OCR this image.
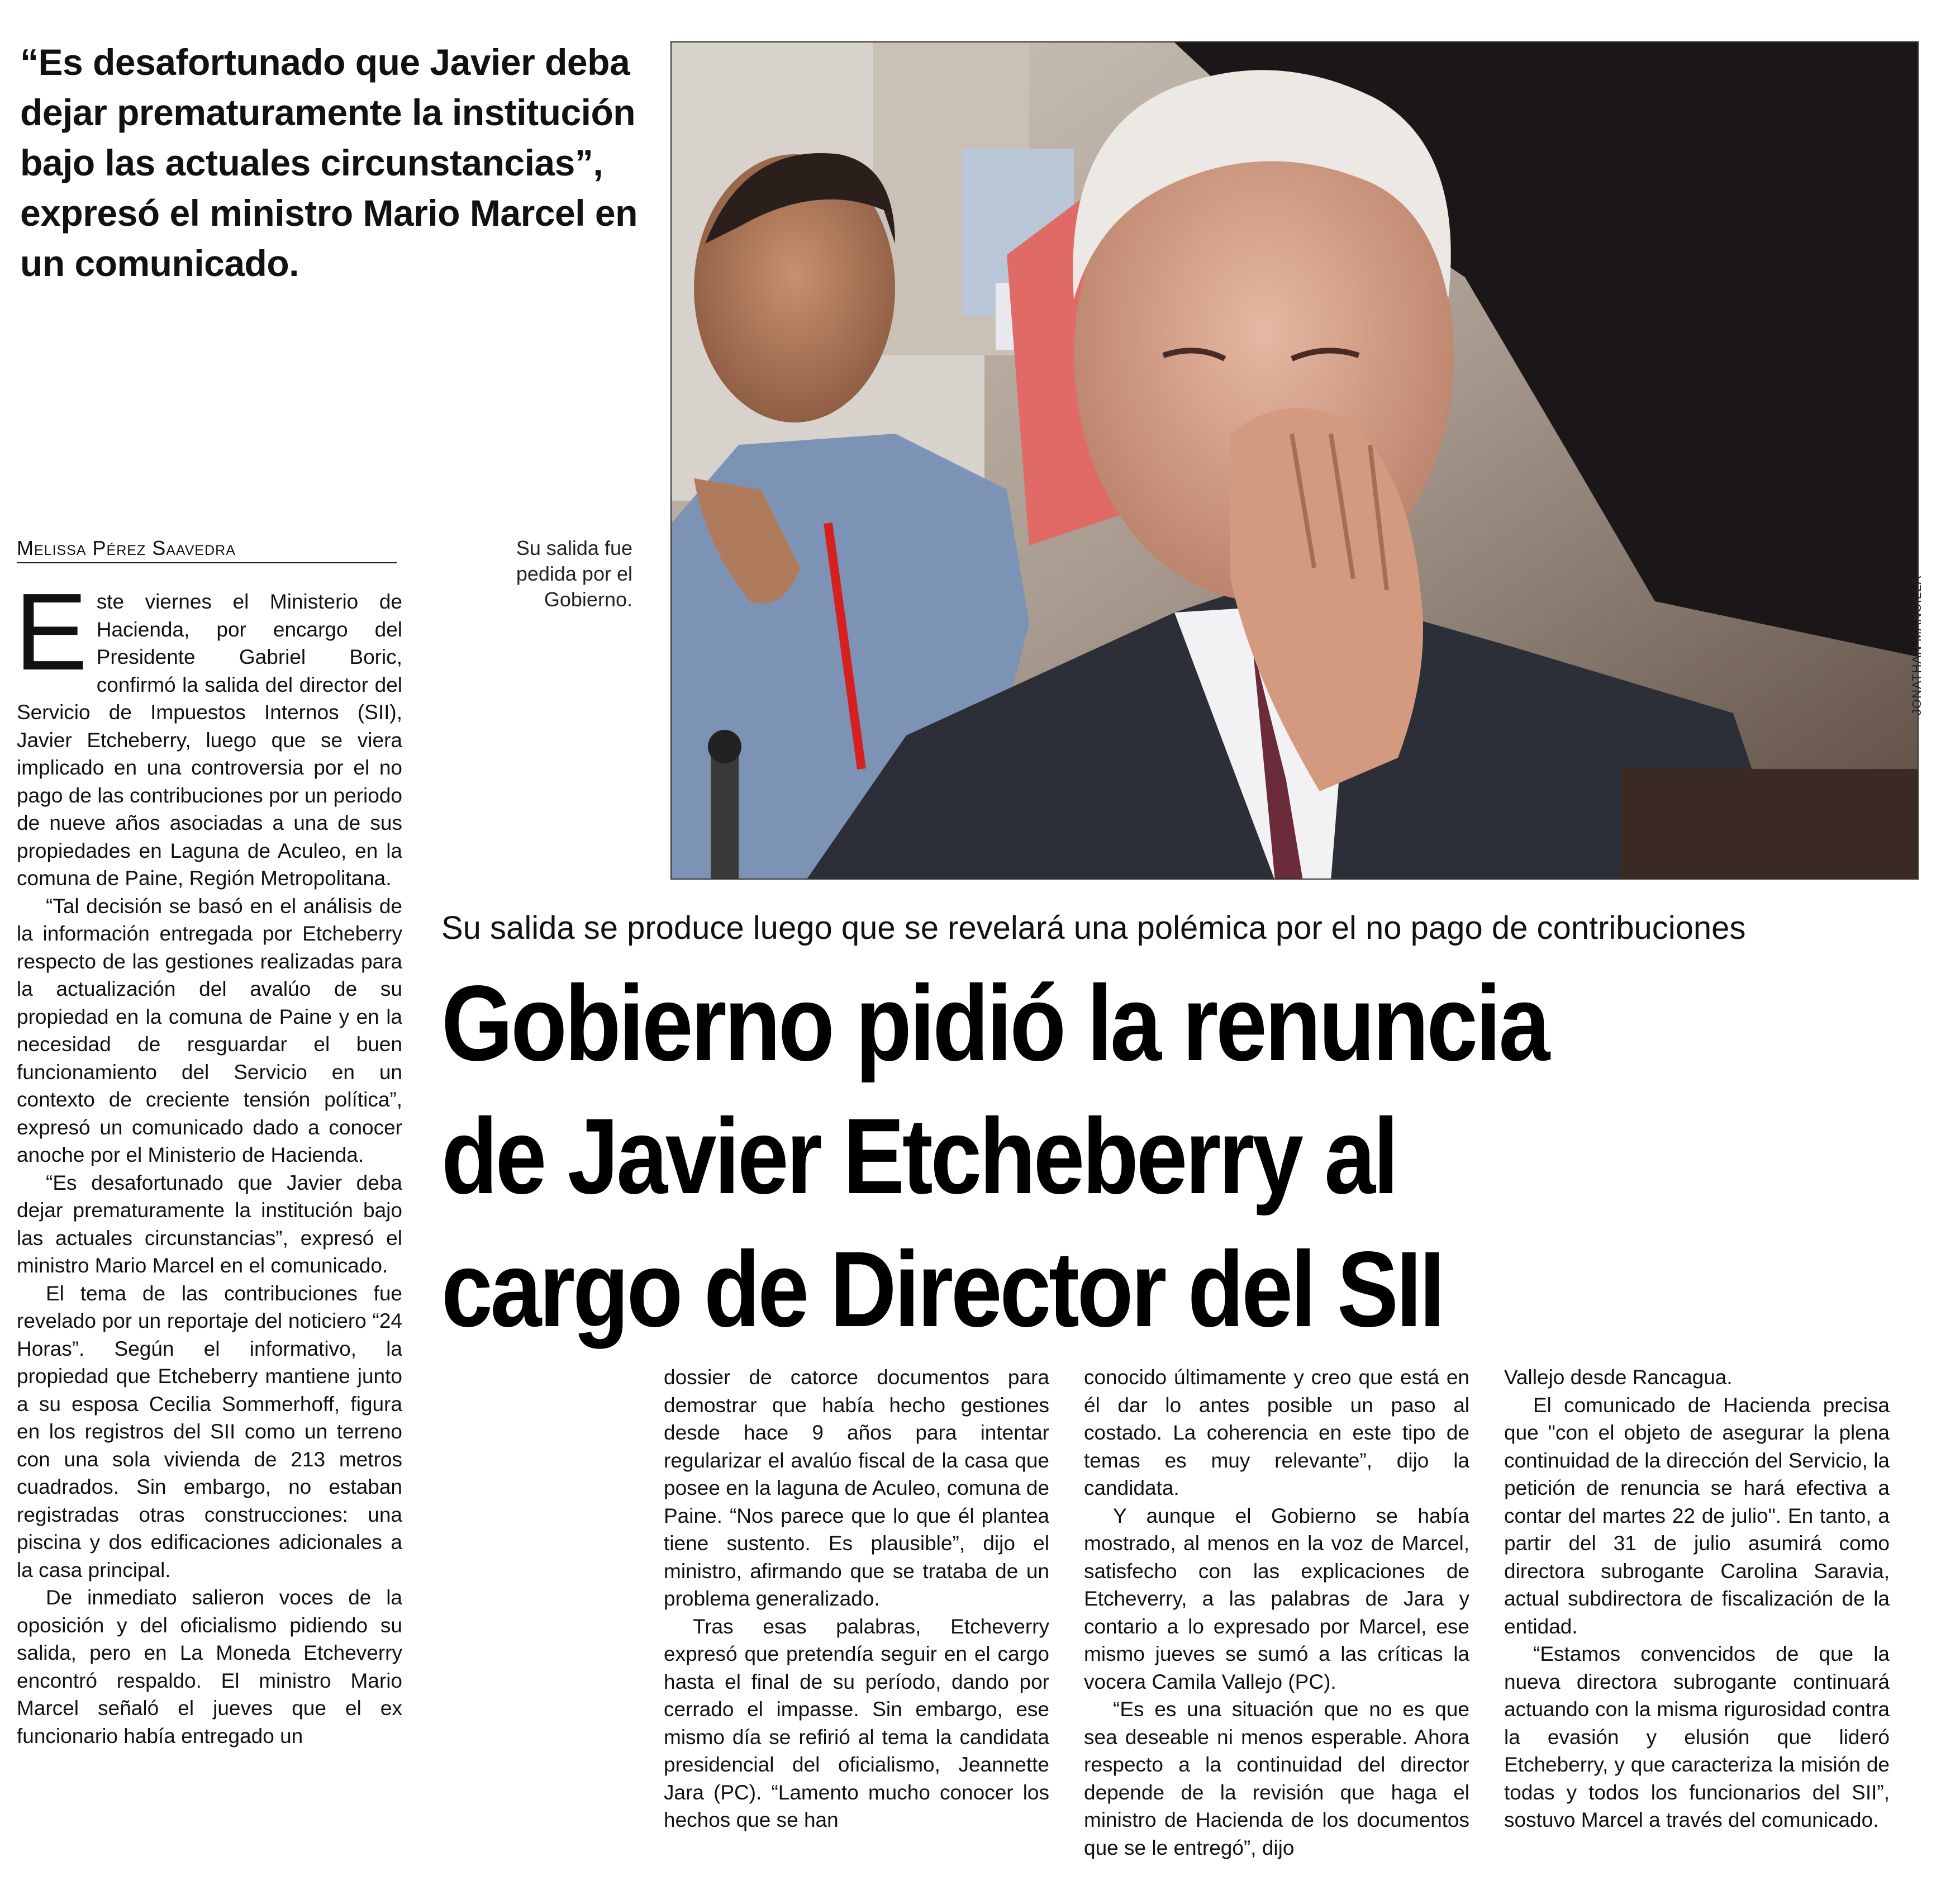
“Es desafortunado que Javier deba dejar prematuramente la institución bajo las actuales circunstancias”, expresó el ministro Mario Marcel en un comunicado.
Melissa Pérez Saavedra	Su salida fue pedida por el Gobierno.	JONATHAN MANCILLA
Su salida se produce luego que se revelará una polémica por el no pago de contribuciones
Gobierno pidió la renuncia
de Javier Etcheberry al
cargo de Director del SII

Este viernes el Ministerio de Hacienda, por encargo del Presidente Gabriel Boric, confirmó la salida del director del Servicio de Impuestos Internos (SII), Javier Etcheberry, luego que se viera implicado en una controversia por el no pago de las contribuciones por un periodo de nueve años asociadas a una de sus propiedades en Laguna de Aculeo, en la comuna de Paine, Región Metropolitana.

“Tal decisión se basó en el análisis de la información entregada por Etcheberry respecto de las gestiones realizadas para la actualización del avalúo de su propiedad en la comuna de Paine y en la necesidad de resguardar el buen funcionamiento del Servicio en un contexto de creciente tensión política”, expresó un comunicado dado a conocer anoche por el Ministerio de Hacienda.

“Es desafortunado que Javier deba dejar prematuramente la institución bajo las actuales circunstancias”, expresó el ministro Mario Marcel en el comunicado.

El tema de las contribuciones fue revelado por un reportaje del noticiero “24 Horas”. Según el informativo, la propiedad que Etcheberry mantiene junto a su esposa Cecilia Sommerhoff, figura en los registros del SII como un terreno con una sola vivienda de 213 metros cuadrados. Sin embargo, no estaban registradas otras construcciones: una piscina y dos edificaciones adicionales a la casa principal.

De inmediato salieron voces de la oposición y del oficialismo pidiendo su salida, pero en La Moneda Etcheverry encontró respaldo. El ministro Mario Marcel señaló el jueves que el ex funcionario había entregado un

dossier de catorce documentos para demostrar que había hecho gestiones desde hace 9 años para intentar regularizar el avalúo fiscal de la casa que posee en la laguna de Aculeo, comuna de Paine. “Nos parece que lo que él plantea tiene sustento. Es plausible”, dijo el ministro, afirmando que se trataba de un problema generalizado.

Tras esas palabras, Etcheverry expresó que pretendía seguir en el cargo hasta el final de su período, dando por cerrado el impasse. Sin embargo, ese mismo día se refirió al tema la candidata presidencial del oficialismo, Jeannette Jara (PC). “Lamento mucho conocer los hechos que se han

conocido últimamente y creo que está en él dar lo antes posible un paso al costado. La coherencia en este tipo de temas es muy relevante”, dijo la candidata.

Y aunque el Gobierno se había mostrado, al menos en la voz de Marcel, satisfecho con las explicaciones de Etcheverry, a las palabras de Jara y contario a lo expresado por Marcel, ese mismo jueves se sumó a las críticas la vocera Camila Vallejo (PC).

“Es es una situación que no es que sea deseable ni menos esperable. Ahora respecto a la continuidad del director depende de la revisión que haga el ministro de Hacienda de los documentos que se le entregó”, dijo

Vallejo desde Rancagua.

El comunicado de Hacienda precisa que "con el objeto de asegurar la plena continuidad de la dirección del Servicio, la petición de renuncia se hará efectiva a contar del martes 22 de julio". En tanto, a partir del 31 de julio asumirá como directora subrogante Carolina Saravia, actual subdirectora de fiscalización de la entidad.

“Estamos convencidos de que la nueva directora subrogante continuará actuando con la misma rigurosidad contra la evasión y elusión que lideró Etcheberry, y que caracteriza la misión de todas y todos los funcionarios del SII”, sostuvo Marcel a través del comunicado.
